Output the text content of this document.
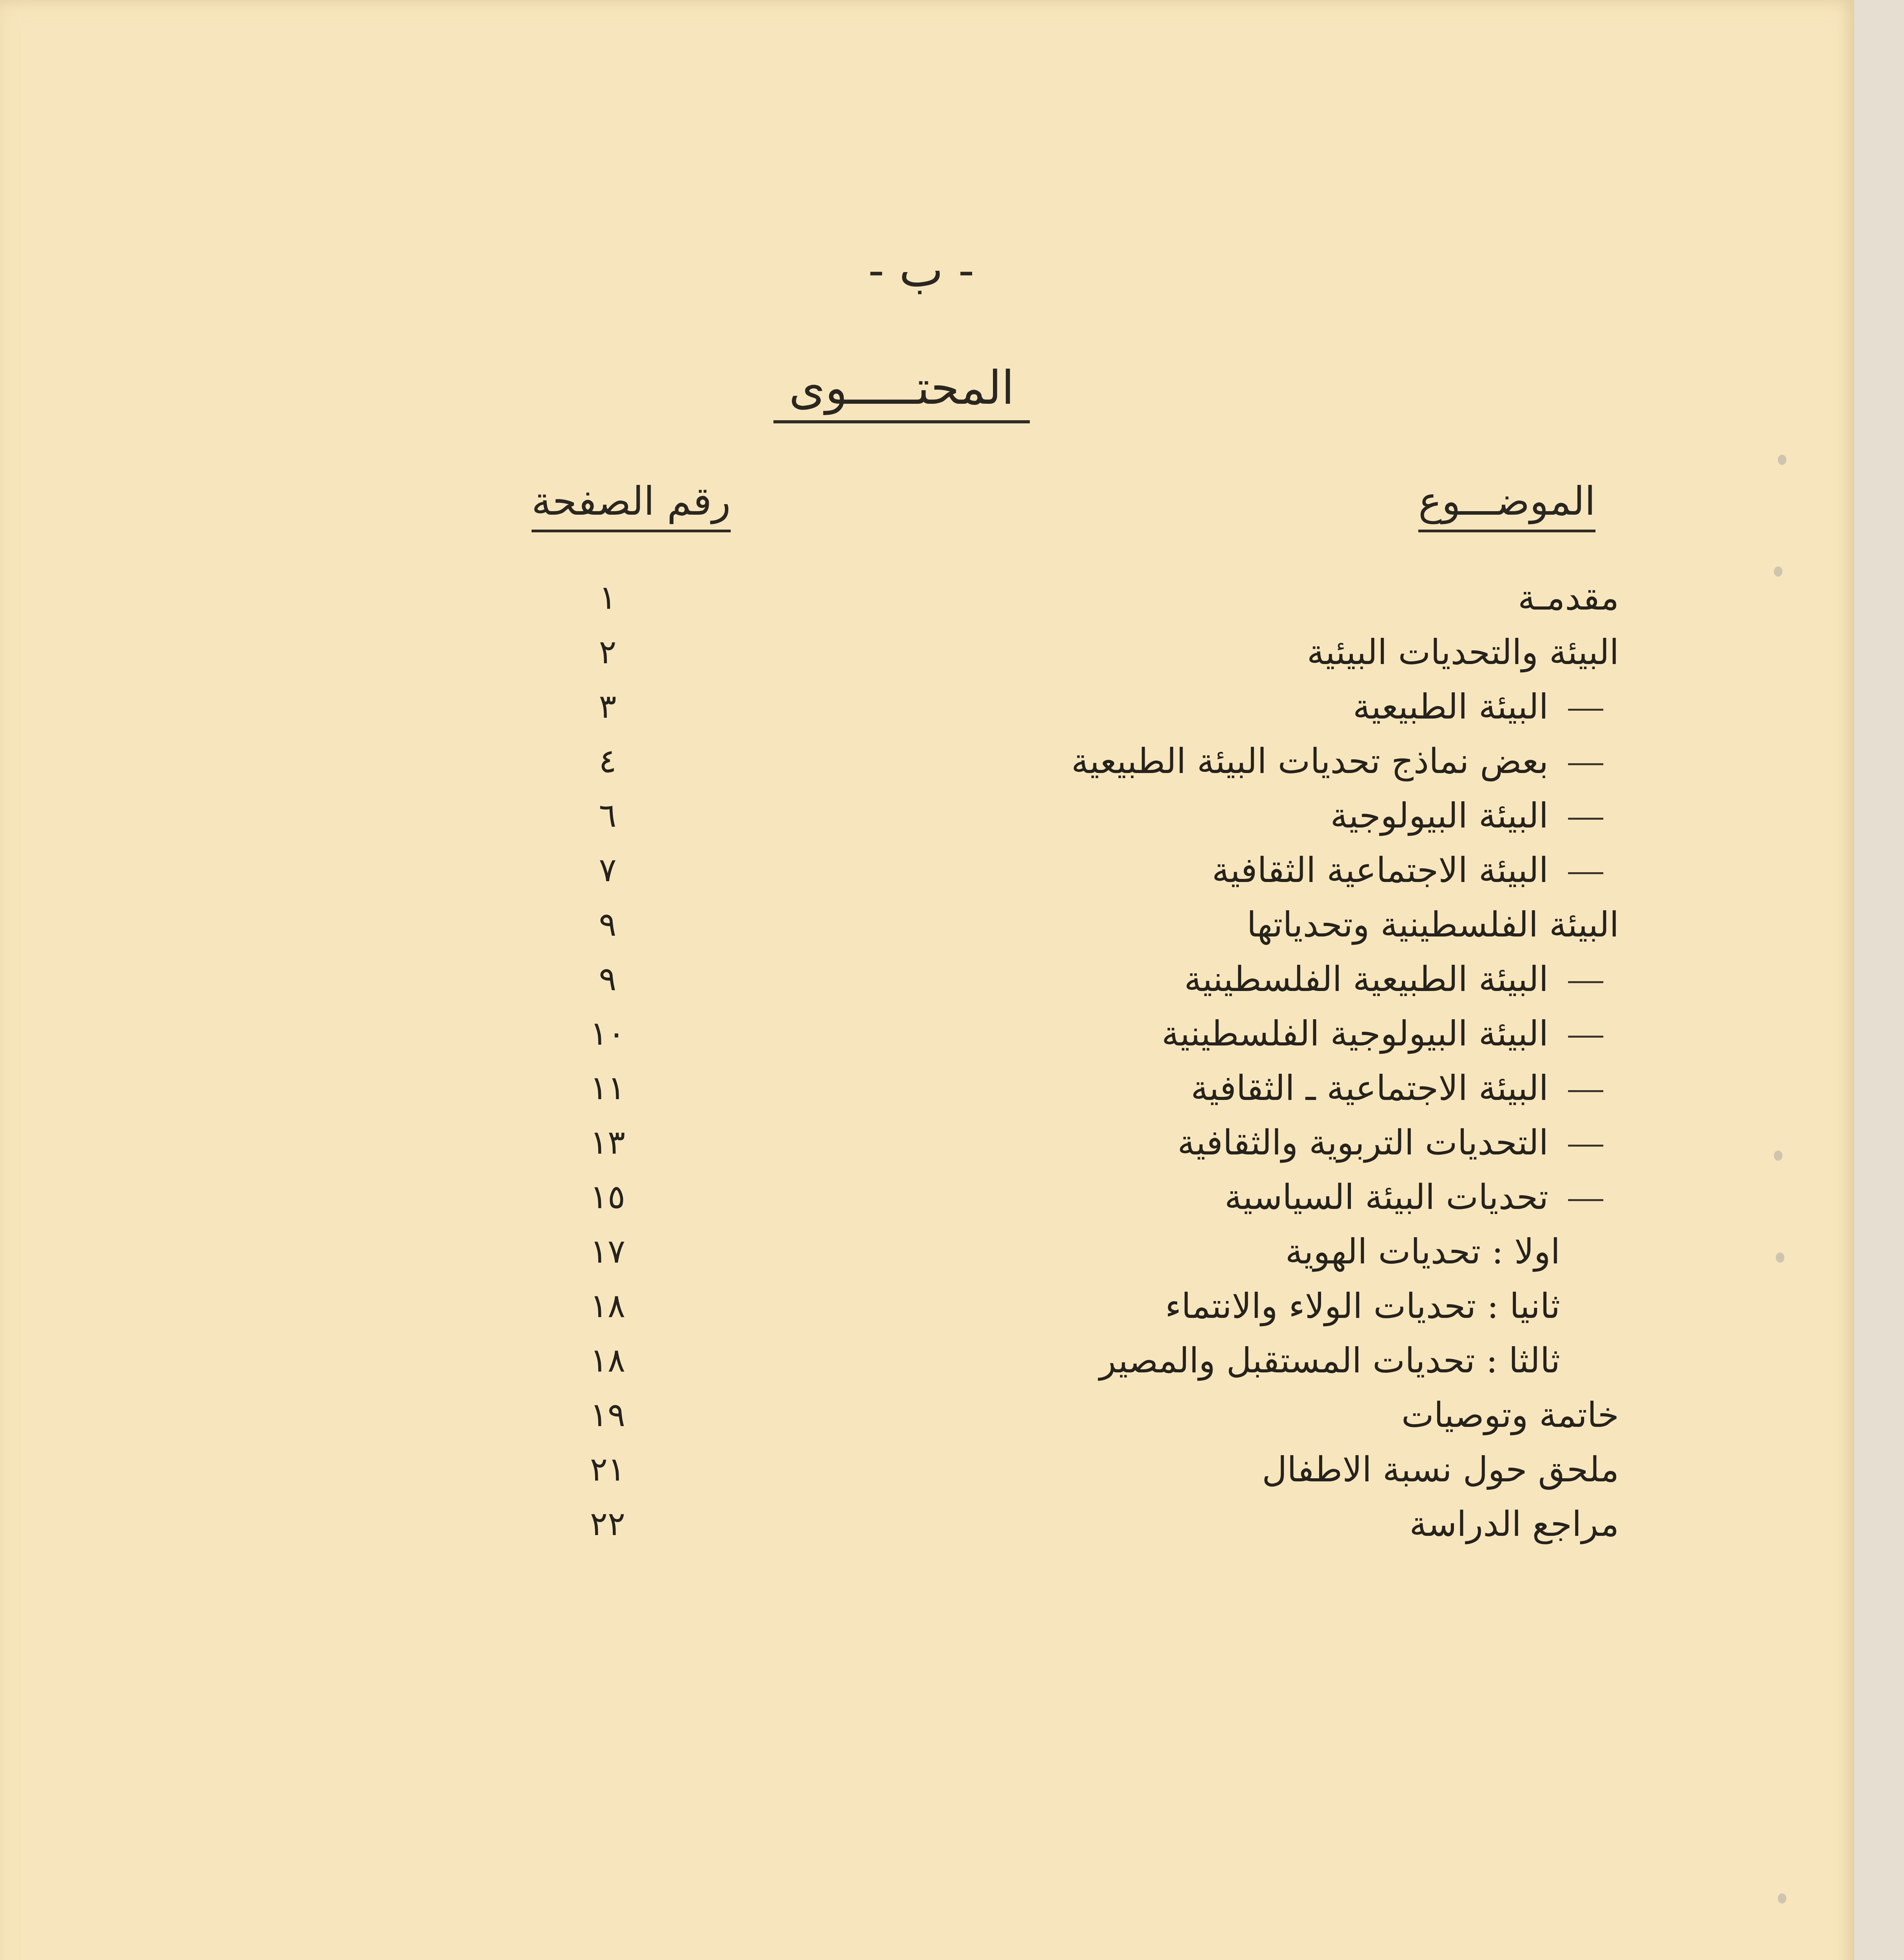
- ب -
المحتـــــوى
الموضـــوع
رقم الصفحة
مقدمـة
١
البيئة والتحديات البيئية
٢
البيئة الطبيعية
٣
بعض نماذج تحديات البيئة الطبيعية
٤
البيئة البيولوجية
٦
البيئة الاجتماعية الثقافية
٧
البيئة الفلسطينية وتحدياتها
٩
البيئة الطبيعية الفلسطينية
٩
البيئة البيولوجية الفلسطينية
١٠
البيئة الاجتماعية ـ الثقافية
١١
التحديات التربوية والثقافية
١٣
تحديات البيئة السياسية
١٥
اولا : تحديات الهوية
١٧
ثانيا : تحديات الولاء والانتماء
١٨
ثالثا : تحديات المستقبل والمصير
١٨
خاتمة وتوصيات
١٩
ملحق حول نسبة الاطفال
٢١
مراجع الدراسة
٢٢
